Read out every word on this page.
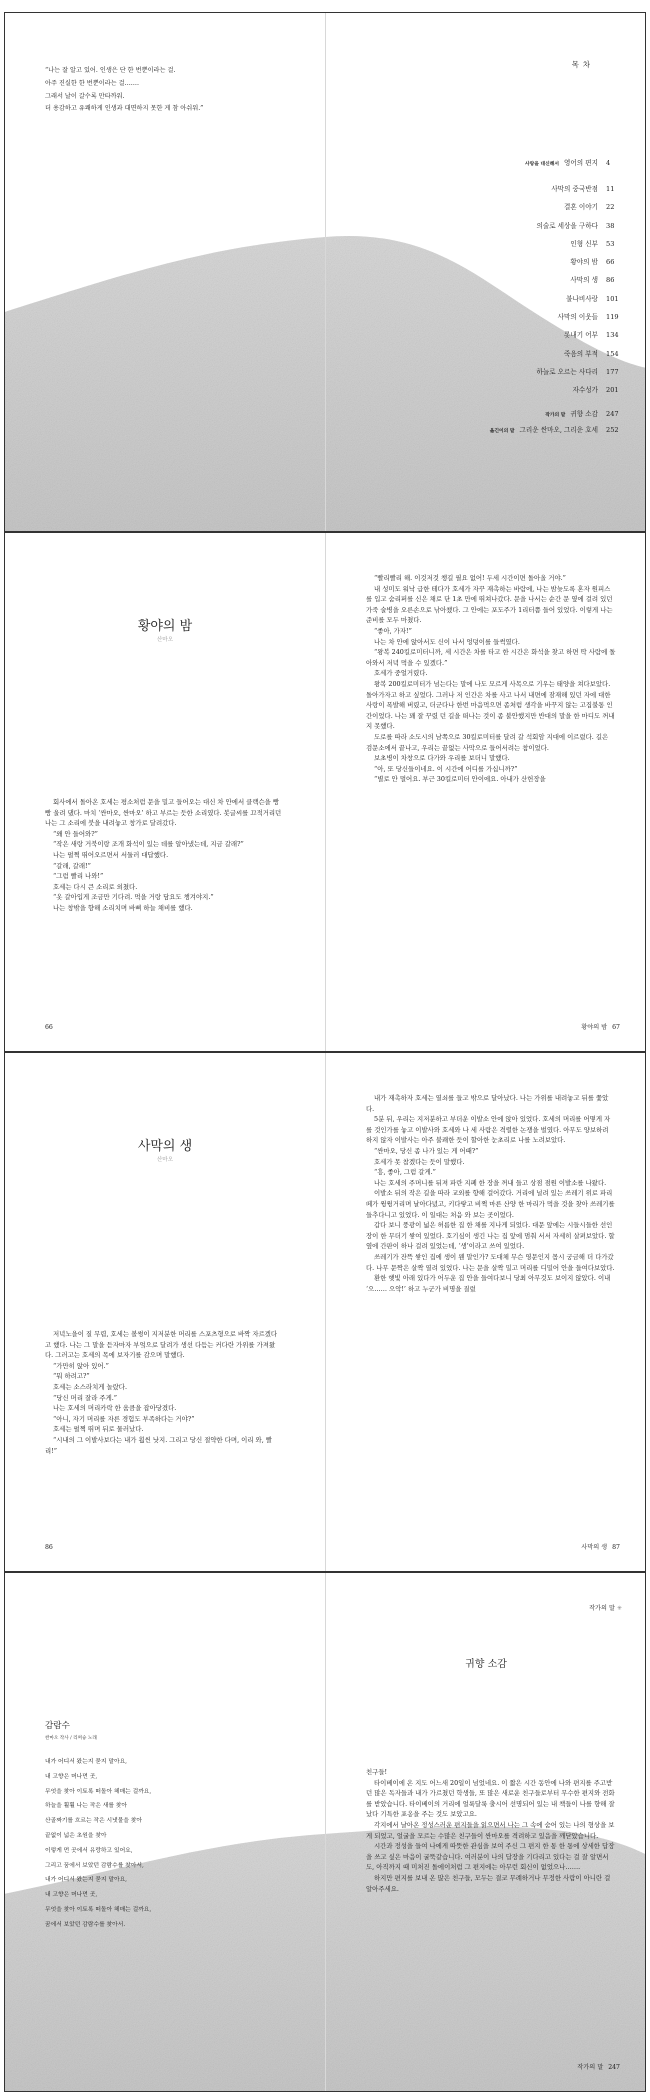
“나는 잘 알고 있어. 인생은 단 한 번뿐이라는 걸.

아주 진실한 한 번뿐이라는 걸…….

그래서 날이 갈수록 만타까워.

더 용감하고 유쾌하게 인생과 대면하지 못한 게 참 아쉬워.”

목차
사랑을 대신해서 영어의 편지	4
사막의 중국반점	11
결혼 이야기	22
의술로 세상을 구하다	38
인형 신부	53
황야의 밤	66
사막의 생	86
불나비사랑	101
사막의 이웃들	119
롯내기 어부	134
죽음의 부적	154
하늘로 오르는 사다리	177
자수성가	201
작가의 말 귀향 소감	247
옮긴이의 말 그리운 싼마오, 그리운 호세	252
황야의 밤
산마오

회사에서 돌아온 호세는 평소처럼 문을 밀고 들어오는 대신 차 안에서 클랙슨을 빵빵 울려 댔다. 마치 ‘싼마오, 싼마오’ 하고 부르는 듯한 소리였다. 봇글씨를 끄적거리던 나는 그 소리에 붓을 내려놓고 창가로 달려갔다.

“왜 안 들어와?”

“작은 새랑 거북이랑 조개 화석이 있는 데를 알아냈는데, 지금 갈래?”

나는 펄쩍 뛰어오르면서 서둘러 대답했다.

“갈래, 갈래!”

“그럼 빨리 나와!”

호세는 다시 큰 소리로 외쳤다.

“옷 갈아입게 조금만 기다려. 먹을 거랑 담요도 챙겨야지.”

나는 창밖을 향해 소리치며 바삐 하늘 채비를 했다.

66

“빨리빨리 해. 이것저것 챙길 필요 없어! 두세 시간이면 돌아올 거야.”

내 성미도 워낙 급한 테다가 호세가 자꾸 재촉하는 바람에, 나는 밤늦도록 혼자 원피스를 입고 숨리퍼를 신은 채로 단 1초 만에 뛰쳐나갔다. 문을 나서는 순간 문 옆에 걸려 있던 가죽 술병을 오른손으로 낚아챘다. 그 안에는 포도주가 1리터쯤 들어 있었다. 이렇게 나는 준비를 모두 마쳤다.

“좋아, 가자!”

나는 차 안에 앉아서도 신이 나서 엉덩이를 들썩였다.

“왕복 240킬로미터니까, 세 시간은 차를 타고 한 시간은 화석을 찾고 하면 딱 사람에 돌아와서 저녁 먹을 수 있겠다.”

호세가 중얼거렸다.

왕복 200킬로미터가 넘는다는 말에 나도 모르게 사목으로 기우는 태양을 쳐다보았다. 돌아가자고 하고 싶었다. 그러나 저 인간은 차를 사고 나서 내면에 잠재해 있던 자에 대한 사랑이 폭발해 버렸고, 더군다나 한번 마음먹으면 좀처럼 생각을 바꾸지 않는 고집불통 인간이었다. 나는 꽤 잘 꾸렸 던 길을 떠나는 것이 좀 불안했지만 반대의 말을 한 마디도 꺼내지 못했다.

도로를 따라 소도시의 남쪽으로 30킬로미터를 달려 갈 석회암 지대에 이르렀다. 길은 검문소에서 끝나고, 우리는 끝없는 사막으로 들어서려는 참이었다.

보초병이 차창으로 다가와 우리를 보더니 말했다.

“아, 또 당신들이네요. 이 시간에 어디를 가십니까?”

“별로 안 멀어요. 부근 30킬로미터 안이에요. 아내가 산헌장을

황야의 밤 67
사막의 생
산마오

저녁노을이 질 무렵, 호세는 볼썽이 지저분한 머리를 스포츠형으로 바짝 자르겠다고 했다. 나는 그 말을 듣자마자 부엌으로 달려가 생선 다듬는 커다란 가위를 가져왔다. 그러고는 호세의 목에 보자기를 감으며 말했다.

“가만히 앉아 있어.”

“뭐 하려고?”

호세는 소스라치게 놀랐다.

“당신 머리 잘라 주게.”

나는 호세의 머리카락 한 움큼을 잡아당겼다.

“아니, 자기 머리를 자른 경험도 부족하다는 거야?”

호세는 펄쩍 뛰며 뒤로 물러났다.

“시내의 그 이발사보다는 내가 훨씬 낫지. 그리고 당신 절약한 다며, 이리 와, 빨리!”

86

내가 재촉하자 호세는 열쇠를 들고 밖으로 달아났다. 나는 가위를 내려놓고 뒤를 쫓았다.

5분 뒤, 우리는 지저분하고 부더운 이발소 안에 앉아 있었다. 호세의 머리를 어떻게 자를 것인가를 놓고 이발사와 호세와 나 세 사람은 격렬한 논쟁을 벌였다. 아무도 양보하려 하지 않자 이발사는 아주 불쾌한 듯이 할아한 눈초리로 나를 노려보았다.

“싼마오, 당신 좀 나가 있는 게 어때?”

호세가 못 참겠다는 듯이 말했다.

“흥, 좋아, 그럼 갈게.”

나는 호세의 주머니를 뒤져 파란 지폐 한 장을 꺼내 들고 상점 점원 이발소를 나왔다.

이발소 뒤의 작은 길을 따라 교외를 향해 걸어갔다. 거리에 널려 있는 쓰레기 위로 파리 떼가 윙윙거리며 날아다녔고, 키다랗고 비쩍 마른 산양 한 마리가 먹을 것을 찾아 쓰레기를 들추다니고 있었다. 이 일대는 처음 와 보는 곳이었다.

갑다 보니 풍광이 넓은 허름한 집 한 채를 지나게 되었다. 대문 앞에는 시들시들한 선인장이 한 무더기 쌓여 있었다. 호기심이 생긴 나는 집 앞에 멈춰 서서 자세히 살펴보았다. 할 옆에 간판이 하나 걸려 있었는데, ‘생’이라고 쓰여 있었다.

쓰레기가 잔뜩 쌓인 집에 생이 웬 말인가? 도대체 무슨 영문인지 몹시 궁금해 더 다가갔다. 나무 문짝은 살짝 열려 있었다. 나는 문을 살짝 밀고 머리를 디밀어 안을 들여다보았다.

환한 햇빛 아래 있다가 어두운 집 안을 들여다보니 당최 아무것도 보이지 않았다. 이내 ‘으…… 으악!’ 하고 누군가 비명을 질렀

사막의 생 87
감람수
싼마오 작사 / 리쩌슝 노래

내가 어디서 왔는지 묻지 말아요,

내 고향은 머나먼 곳,

무엇을 찾아 이토록 떠돌아 헤매는 걸까요,

하늘을 훨훨 나는 작은 새를 찾아

산골짜기를 흐르는 작은 시냇물을 찾아

끝없이 넓은 초원을 찾아

이렇게 먼 곳에서 유랑하고 있어요,

그리고 꿈에서 보았던 감람수를 찾아서,

내가 어디서 왔는지 묻지 말아요,

내 고향은 머나먼 곳,

무엇을 찾아 이토록 떠돌아 헤매는 걸까요,

꿈에서 보았던 감람수를 찾아서.

작가의 말 ✳
귀향 소감

친구들!

타이베이에 온 지도 어느새 20일이 넘었네요. 이 짧은 시간 동안에 나와 편지를 주고받던 많은 독자들과 내가 가르쳤던 학생들, 또 많은 새로운 친구들로부터 무수한 편지와 전화를 받았습니다. 타이베이의 거리에 얼룩달룩 출시어 선명되어 있는 내 책들이 나를 향해 잘났다 기특한 포옹을 주는 것도 보았고요.

각지에서 날아온 정성스러운 편지들을 읽으면서 나는 그 속에 숨어 있는 나의 형상을 보게 되었고, 얼굴을 모르는 수많은 친구들이 싼마오를 격려하고 있음을 깨닫았습니다.

시간과 정성을 들여 나에게 따뜻한 관심을 보여 주신 그 편지 한 통 한 통에 상세한 답장을 쓰고 싶은 마음이 굴뚝같습니다. 여러분이 나의 답장을 기다리고 있다는 걸 잘 알면서도, 아직까지 때 미처진 돌에이처럼 그 편지에는 아무런 회신이 없었으나…….

하지만 편지를 보내 온 많은 친구들, 모두는 결코 무례하거나 무정한 사람이 아니란 걸 알아주세요.

작가의 말 247
